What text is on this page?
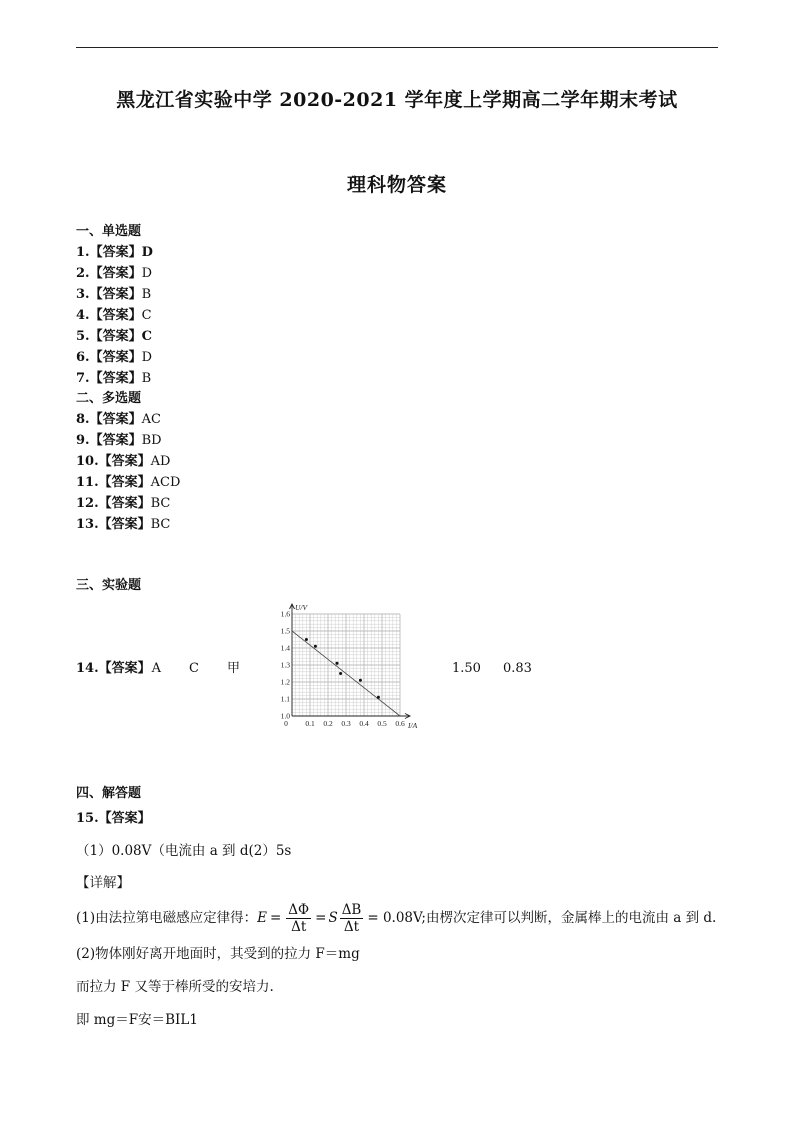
黑龙江省实验中学 2020-2021 学年度上学期高二学年期末考试
理科物答案
一、单选题
1.【答案】D
2.【答案】D
3.【答案】B
4.【答案】C
5.【答案】C
6.【答案】D
7.【答案】B
8.【答案】AC
9.【答案】BD
10.【答案】AD
11.【答案】ACD
12.【答案】BC
13.【答案】BC
二、多选题
三、实验题
14.【答案】A C 甲	1.50 0.83
1.0
1.1
1.2
1.3
1.4
1.5
1.6
0 0.1 0.2 0.3 0.4 0.5 0.6
U/V
I/A
四、解答题
15.【答案】
（1）0.08V（电流由 a 到 d(2）5s
【详解】
(1)由法拉第电磁感应定律得：$E = \frac{\Delta\Phi}{\Delta t} = S \frac{\Delta B}{\Delta t} = 0.08V$;由楞次定律可以判断，金属棒上的电流由 a 到 d.
(2)物体刚好离开地面时，其受到的拉力 F＝mg
而拉力 F 又等于棒所受的安培力.
即 mg＝F安＝BIL1
